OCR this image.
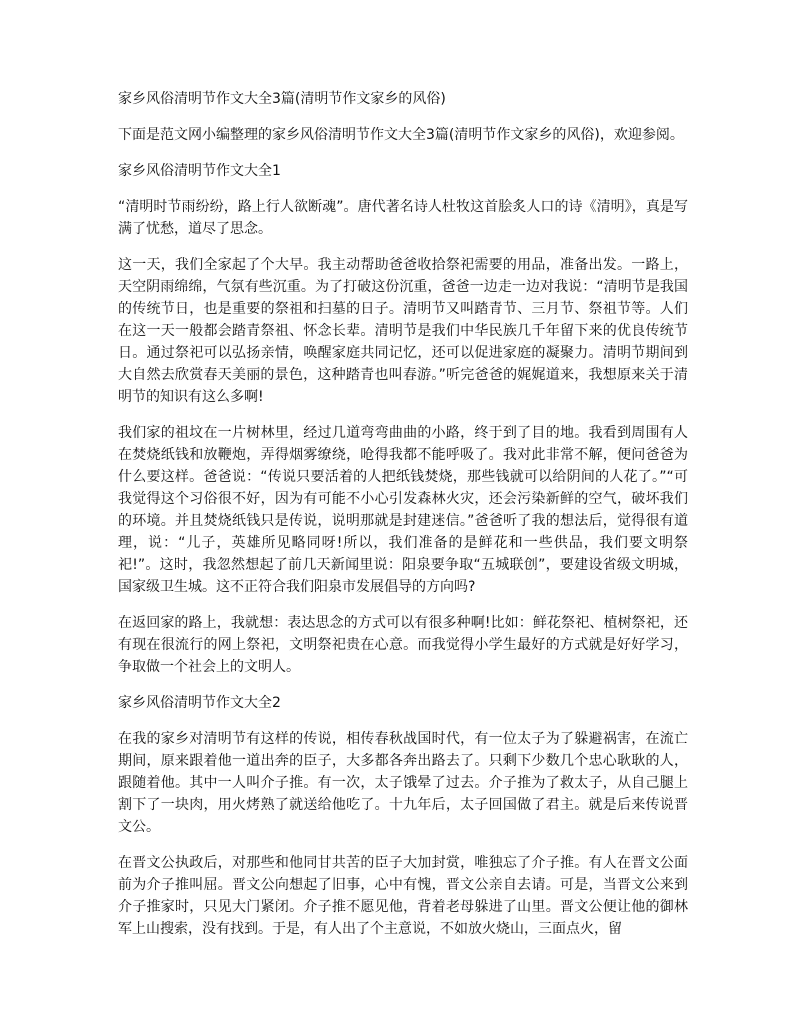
家乡风俗清明节作文大全3篇(清明节作文家乡的风俗)

下面是范文网小编整理的家乡风俗清明节作文大全3篇(清明节作文家乡的风俗)，欢迎参阅。

家乡风俗清明节作文大全1

“清明时节雨纷纷，路上行人欲断魂”。唐代著名诗人杜牧这首脍炙人口的诗《清明》，真是写满了忧愁，道尽了思念。

这一天，我们全家起了个大早。我主动帮助爸爸收拾祭祀需要的用品，准备出发。一路上，天空阴雨绵绵，气氛有些沉重。为了打破这份沉重，爸爸一边走一边对我说：“清明节是我国的传统节日，也是重要的祭祖和扫墓的日子。清明节又叫踏青节、三月节、祭祖节等。人们在这一天一般都会踏青祭祖、怀念长辈。清明节是我们中华民族几千年留下来的优良传统节日。通过祭祀可以弘扬亲情，唤醒家庭共同记忆，还可以促进家庭的凝聚力。清明节期间到大自然去欣赏春天美丽的景色，这种踏青也叫春游。”听完爸爸的娓娓道来，我想原来关于清明节的知识有这么多啊!

我们家的祖坟在一片树林里，经过几道弯弯曲曲的小路，终于到了目的地。我看到周围有人在焚烧纸钱和放鞭炮，弄得烟雾缭绕，呛得我都不能呼吸了。我对此非常不解，便问爸爸为什么要这样。爸爸说：“传说只要活着的人把纸钱焚烧，那些钱就可以给阴间的人花了。”“可我觉得这个习俗很不好，因为有可能不小心引发森林火灾，还会污染新鲜的空气，破坏我们的环境。并且焚烧纸钱只是传说，说明那就是封建迷信。”爸爸听了我的想法后，觉得很有道理，说：“儿子，英雄所见略同呀!所以，我们准备的是鲜花和一些供品，我们要文明祭祀!”。这时，我忽然想起了前几天新闻里说：阳泉要争取“五城联创”，要建设省级文明城，国家级卫生城。这不正符合我们阳泉市发展倡导的方向吗?

在返回家的路上，我就想：表达思念的方式可以有很多种啊!比如：鲜花祭祀、植树祭祀，还有现在很流行的网上祭祀，文明祭祀贵在心意。而我觉得小学生最好的方式就是好好学习，争取做一个社会上的文明人。

家乡风俗清明节作文大全2

在我的家乡对清明节有这样的传说，相传春秋战国时代，有一位太子为了躲避祸害，在流亡期间，原来跟着他一道出奔的臣子，大多都各奔出路去了。只剩下少数几个忠心耿耿的人，跟随着他。其中一人叫介子推。有一次，太子饿晕了过去。介子推为了救太子，从自己腿上割下了一块肉，用火烤熟了就送给他吃了。十九年后，太子回国做了君主。就是后来传说晋文公。

在晋文公执政后，对那些和他同甘共苦的臣子大加封赏，唯独忘了介子推。有人在晋文公面前为介子推叫屈。晋文公向想起了旧事，心中有愧，晋文公亲自去请。可是，当晋文公来到介子推家时，只见大门紧闭。介子推不愿见他，背着老母躲进了山里。晋文公便让他的御林军上山搜索，没有找到。于是，有人出了个主意说，不如放火烧山，三面点火，留
